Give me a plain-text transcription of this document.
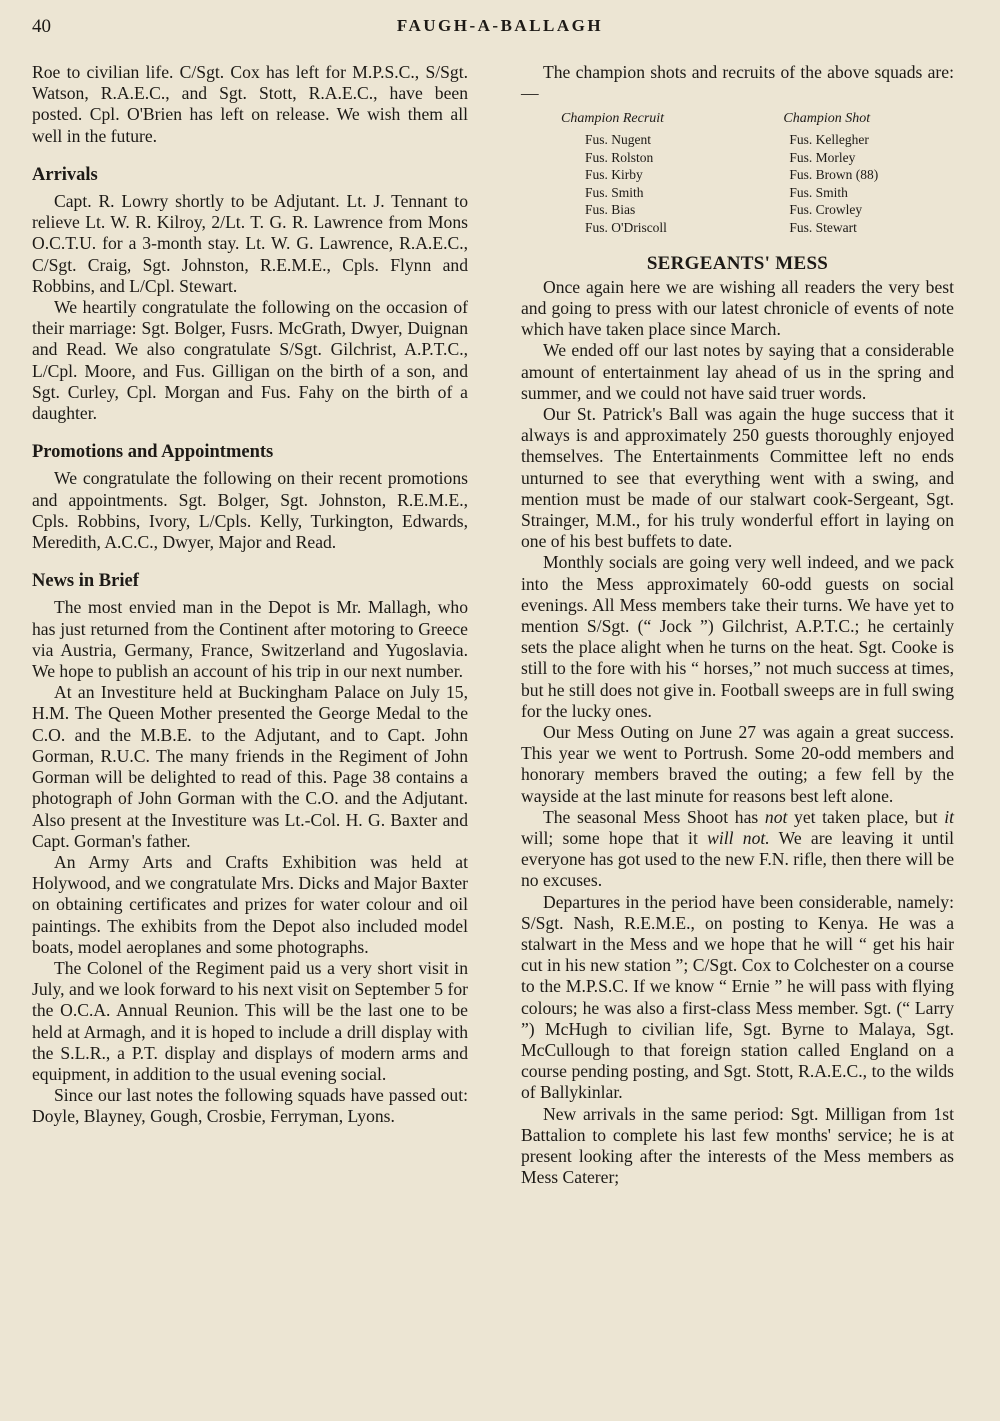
40	FAUGH-A-BALLAGH

Roe to civilian life. C/Sgt. Cox has left for M.P.S.C., S/Sgt. Watson, R.A.E.C., and Sgt. Stott, R.A.E.C., have been posted. Cpl. O'Brien has left on release. We wish them all well in the future.

Arrivals

Capt. R. Lowry shortly to be Adjutant. Lt. J. Tennant to relieve Lt. W. R. Kilroy, 2/Lt. T. G. R. Lawrence from Mons O.C.T.U. for a 3-month stay. Lt. W. G. Lawrence, R.A.E.C., C/Sgt. Craig, Sgt. Johnston, R.E.M.E., Cpls. Flynn and Robbins, and L/Cpl. Stewart.

We heartily congratulate the following on the occasion of their marriage: Sgt. Bolger, Fusrs. McGrath, Dwyer, Duignan and Read. We also congratulate S/Sgt. Gilchrist, A.P.T.C., L/Cpl. Moore, and Fus. Gilligan on the birth of a son, and Sgt. Curley, Cpl. Morgan and Fus. Fahy on the birth of a daughter.

Promotions and Appointments

We congratulate the following on their recent promotions and appointments. Sgt. Bolger, Sgt. Johnston, R.E.M.E., Cpls. Robbins, Ivory, L/Cpls. Kelly, Turkington, Edwards, Meredith, A.C.C., Dwyer, Major and Read.

News in Brief

The most envied man in the Depot is Mr. Mallagh, who has just returned from the Continent after motoring to Greece via Austria, Germany, France, Switzerland and Yugoslavia. We hope to publish an account of his trip in our next number.

At an Investiture held at Buckingham Palace on July 15, H.M. The Queen Mother presented the George Medal to the C.O. and the M.B.E. to the Adjutant, and to Capt. John Gorman, R.U.C. The many friends in the Regiment of John Gorman will be delighted to read of this. Page 38 contains a photograph of John Gorman with the C.O. and the Adjutant. Also present at the Investiture was Lt.-Col. H. G. Baxter and Capt. Gorman's father.

An Army Arts and Crafts Exhibition was held at Holywood, and we congratulate Mrs. Dicks and Major Baxter on obtaining certificates and prizes for water colour and oil paintings. The exhibits from the Depot also included model boats, model aeroplanes and some photographs.

The Colonel of the Regiment paid us a very short visit in July, and we look forward to his next visit on September 5 for the O.C.A. Annual Reunion. This will be the last one to be held at Armagh, and it is hoped to include a drill display with the S.L.R., a P.T. display and displays of modern arms and equipment, in addition to the usual evening social.

Since our last notes the following squads have passed out: Doyle, Blayney, Gough, Crosbie, Ferryman, Lyons.

The champion shots and recruits of the above squads are: —

Champion Recruit	Champion Shot
Fus. Nugent	Fus. Kellegher
Fus. Rolston	Fus. Morley
Fus. Kirby	Fus. Brown (88)
Fus. Smith	Fus. Smith
Fus. Bias	Fus. Crowley
Fus. O'Driscoll	Fus. Stewart
SERGEANTS' MESS

Once again here we are wishing all readers the very best and going to press with our latest chronicle of events of note which have taken place since March.

We ended off our last notes by saying that a considerable amount of entertainment lay ahead of us in the spring and summer, and we could not have said truer words.

Our St. Patrick's Ball was again the huge success that it always is and approximately 250 guests thoroughly enjoyed themselves. The Entertainments Committee left no ends unturned to see that everything went with a swing, and mention must be made of our stalwart cook-Sergeant, Sgt. Strainger, M.M., for his truly wonderful effort in laying on one of his best buffets to date.

Monthly socials are going very well indeed, and we pack into the Mess approximately 60-odd guests on social evenings. All Mess members take their turns. We have yet to mention S/Sgt. (“ Jock ”) Gilchrist, A.P.T.C.; he certainly sets the place alight when he turns on the heat. Sgt. Cooke is still to the fore with his “ horses,” not much success at times, but he still does not give in. Football sweeps are in full swing for the lucky ones.

Our Mess Outing on June 27 was again a great success. This year we went to Portrush. Some 20-odd members and honorary members braved the outing; a few fell by the wayside at the last minute for reasons best left alone.

The seasonal Mess Shoot has not yet taken place, but it will; some hope that it will not. We are leaving it until everyone has got used to the new F.N. rifle, then there will be no excuses.

Departures in the period have been considerable, namely: S/Sgt. Nash, R.E.M.E., on posting to Kenya. He was a stalwart in the Mess and we hope that he will “ get his hair cut in his new station ”; C/Sgt. Cox to Colchester on a course to the M.P.S.C. If we know “ Ernie ” he will pass with flying colours; he was also a first-class Mess member. Sgt. (“ Larry ”) McHugh to civilian life, Sgt. Byrne to Malaya, Sgt. McCullough to that foreign station called England on a course pending posting, and Sgt. Stott, R.A.E.C., to the wilds of Ballykinlar.

New arrivals in the same period: Sgt. Milligan from 1st Battalion to complete his last few months' service; he is at present looking after the interests of the Mess members as Mess Caterer;
